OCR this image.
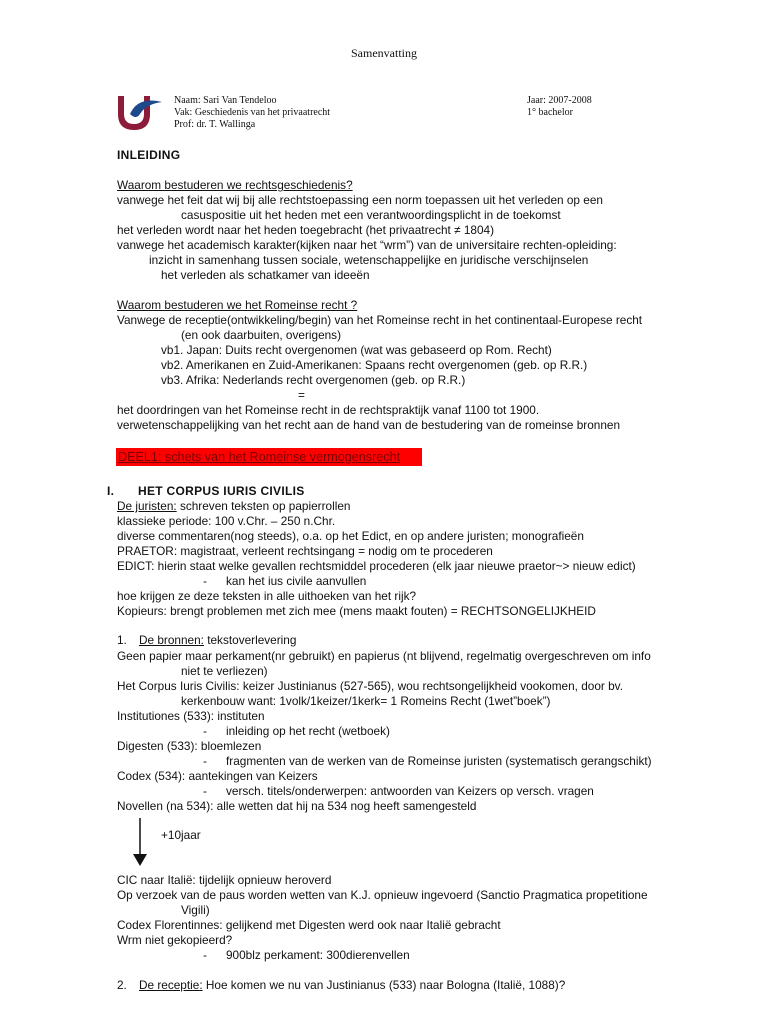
Samenvatting
Naam: Sari Van Tendeloo
Vak: Geschiedenis van het privaatrecht
Prof: dr. T. Wallinga
Jaar: 2007-2008
1° bachelor
INLEIDING
Waarom bestuderen we rechtsgeschiedenis?
vanwege het feit dat wij bij alle rechtstoepassing een norm toepassen uit het verleden op een
casuspositie uit het heden met een verantwoordingsplicht in de toekomst
het verleden wordt naar het heden toegebracht (het privaatrecht ≠ 1804)
vanwege het academisch karakter(kijken naar het “wrm”) van de universitaire rechten-opleiding:
inzicht in samenhang tussen sociale, wetenschappelijke en juridische verschijnselen
het verleden als schatkamer van ideeën
Waarom bestuderen we het Romeinse recht ?
Vanwege de receptie(ontwikkeling/begin) van het Romeinse recht in het continentaal-Europese recht
(en ook daarbuiten, overigens)
vb1. Japan: Duits recht overgenomen (wat was gebaseerd op Rom. Recht)
vb2. Amerikanen en Zuid-Amerikanen: Spaans recht overgenomen (geb. op R.R.)
vb3. Afrika: Nederlands recht overgenomen (geb. op R.R.)
=
het doordringen van het Romeinse recht in de rechtspraktijk vanaf 1100 tot 1900.
verwetenschappelijking van het recht aan de hand van de bestudering van de romeinse bronnen
DEEL1: schets van het Romeinse vermogensrecht
I. HET CORPUS IURIS CIVILIS
De juristen: schreven teksten op papierrollen
klassieke periode: 100 v.Chr. – 250 n.Chr.
diverse commentaren(nog steeds), o.a. op het Edict, en op andere juristen; monografieën
PRAETOR: magistraat, verleent rechtsingang = nodig om te procederen
EDICT: hierin staat welke gevallen rechtsmiddel procederen (elk jaar nieuwe praetor~> nieuw edict)
- kan het ius civile aanvullen
hoe krijgen ze deze teksten in alle uithoeken van het rijk?
Kopieurs: brengt problemen met zich mee (mens maakt fouten) = RECHTSONGELIJKHEID
1. De bronnen: tekstoverlevering
Geen papier maar perkament(nr gebruikt) en papierus (nt blijvend, regelmatig overgeschreven om info
niet te verliezen)
Het Corpus Iuris Civilis: keizer Justinianus (527-565), wou rechtsongelijkheid vookomen, door bv.
kerkenbouw want: 1volk/1keizer/1kerk= 1 Romeins Recht (1wet”boek”)
Institutiones (533): instituten
- inleiding op het recht (wetboek)
Digesten (533): bloemlezen
- fragmenten van de werken van de Romeinse juristen (systematisch gerangschikt)
Codex (534): aantekingen van Keizers
- versch. titels/onderwerpen: antwoorden van Keizers op versch. vragen
Novellen (na 534): alle wetten dat hij na 534 nog heeft samengesteld
+10jaar
CIC naar Italië: tijdelijk opnieuw heroverd
Op verzoek van de paus worden wetten van K.J. opnieuw ingevoerd (Sanctio Pragmatica propetitione
Vigili)
Codex Florentinnes: gelijkend met Digesten werd ook naar Italië gebracht
Wrm niet gekopieerd?
- 900blz perkament: 300dierenvellen
2. De receptie: Hoe komen we nu van Justinianus (533) naar Bologna (Italië, 1088)?
